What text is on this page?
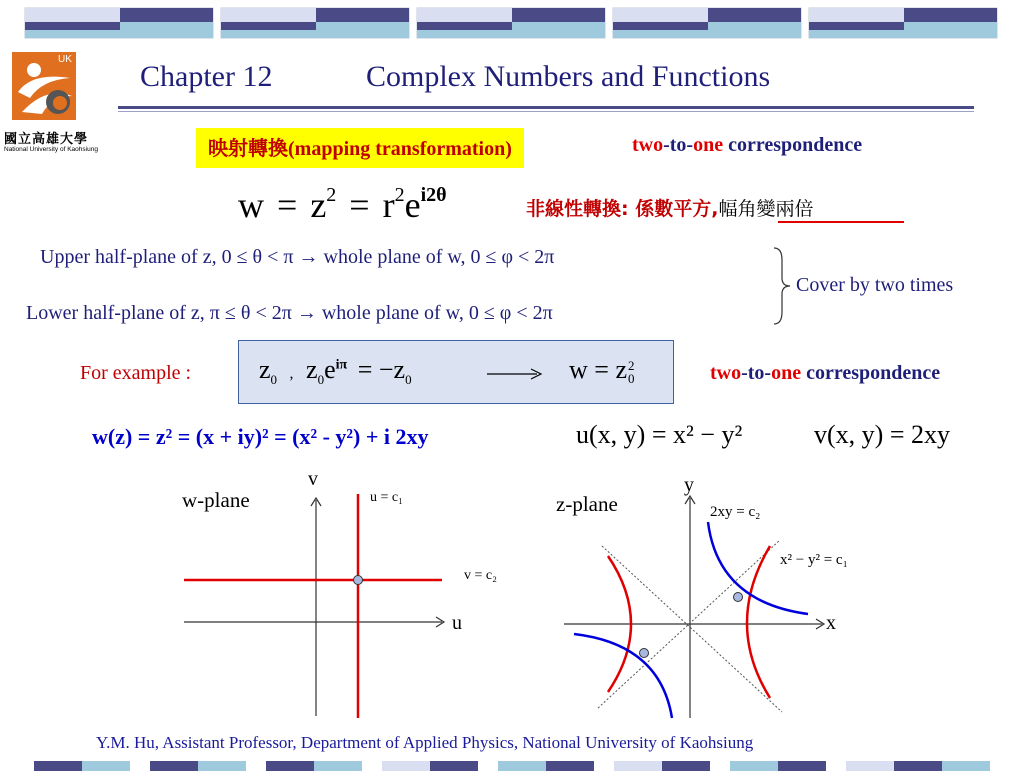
UK
國立高雄大學
National University of Kaohsiung
Chapter 12	Complex Numbers and Functions
映射轉換(mapping transformation)	two-to-one correspondence
$w = z^2 = r^2e^{i2\theta}$
非線性轉換: 係數平方,幅角變兩倍
Upper half-plane of z, 0 ≤ θ < π → whole plane of w, 0 ≤ φ < 2π
Lower half-plane of z, π ≤ θ < 2π → whole plane of w, 0 ≤ φ < 2π
Cover by two times
For example :	$z_0$ , $z_0e^{i\pi} = -z_0$	w = z 2
0	two-to-one correspondence
w(z) = z² = (x + iy)² = (x² - y²) + i 2xy	u(x, y) = x² − y²	v(x, y) = 2xy
w-plane
v
u
u = c₁
v = c₂
z-plane
y
x
2xy = c₂
x² − y² = c₁
Y.M. Hu, Assistant Professor, Department of Applied Physics, National University of Kaohsiung
